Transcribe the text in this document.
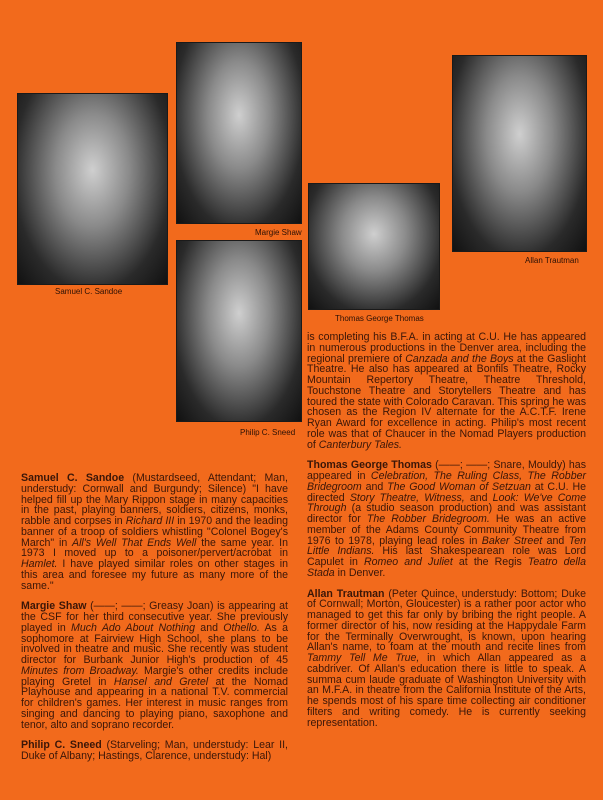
Samuel C. Sandoe
Margie Shaw
Philip C. Sneed
Thomas George Thomas
Allan Trautman

Samuel C. Sandoe (Mustardseed, Attendant; Man, understudy: Cornwall and Burgundy; Silence) "I have helped fill up the Mary Rippon stage in many capacities in the past, playing banners, soldiers, citizens, monks, rabble and corpses in Richard III in 1970 and the leading banner of a troop of soldiers whistling "Colonel Bogey's March" in All's Well That Ends Well the same year. In 1973 I moved up to a poisoner/pervert/acrobat in Hamlet. I have played similar roles on other stages in this area and foresee my future as many more of the same."

Margie Shaw (——; ——; Greasy Joan) is appearing at the CSF for her third consecutive year. She previously played in Much Ado About Nothing and Othello. As a sophomore at Fairview High School, she plans to be involved in theatre and music. She recently was student director for Burbank Junior High's production of 45 Minutes from Broadway. Margie's other credits include playing Gretel in Hansel and Gretel at the Nomad Playhouse and appearing in a national T.V. commercial for children's games. Her interest in music ranges from singing and dancing to playing piano, saxophone and tenor, alto and soprano recorder.

Philip C. Sneed (Starveling; Man, understudy: Lear II, Duke of Albany; Hastings, Clarence, understudy: Hal)

is completing his B.F.A. in acting at C.U. He has appeared in numerous productions in the Denver area, including the regional premiere of Canzada and the Boys at the Gaslight Theatre. He also has appeared at Bonfils Theatre, Rocky Mountain Repertory Theatre, Theatre Threshold, Touchstone Theatre and Storytellers Theatre and has toured the state with Colorado Caravan. This spring he was chosen as the Region IV alternate for the A.C.T.F. Irene Ryan Award for excellence in acting. Philip's most recent role was that of Chaucer in the Nomad Players production of Canterbury Tales.

Thomas George Thomas (——; ——; Snare, Mouldy) has appeared in Celebration, The Ruling Class, The Robber Bridegroom and The Good Woman of Setzuan at C.U. He directed Story Theatre, Witness, and Look: We've Come Through (a studio season production) and was assistant director for The Robber Bridegroom. He was an active member of the Adams County Community Theatre from 1976 to 1978, playing lead roles in Baker Street and Ten Little Indians. His last Shakespearean role was Lord Capulet in Romeo and Juliet at the Regis Teatro della Stada in Denver.

Allan Trautman (Peter Quince, understudy: Bottom; Duke of Cornwall; Morton, Gloucester) is a rather poor actor who managed to get this far only by bribing the right people. A former director of his, now residing at the Happydale Farm for the Terminally Overwrought, is known, upon hearing Allan's name, to foam at the mouth and recite lines from Tammy Tell Me True, in which Allan appeared as a cabdriver. Of Allan's education there is little to speak. A summa cum laude graduate of Washington University with an M.F.A. in theatre from the California Institute of the Arts, he spends most of his spare time collecting air conditioner filters and writing comedy. He is currently seeking representation.
